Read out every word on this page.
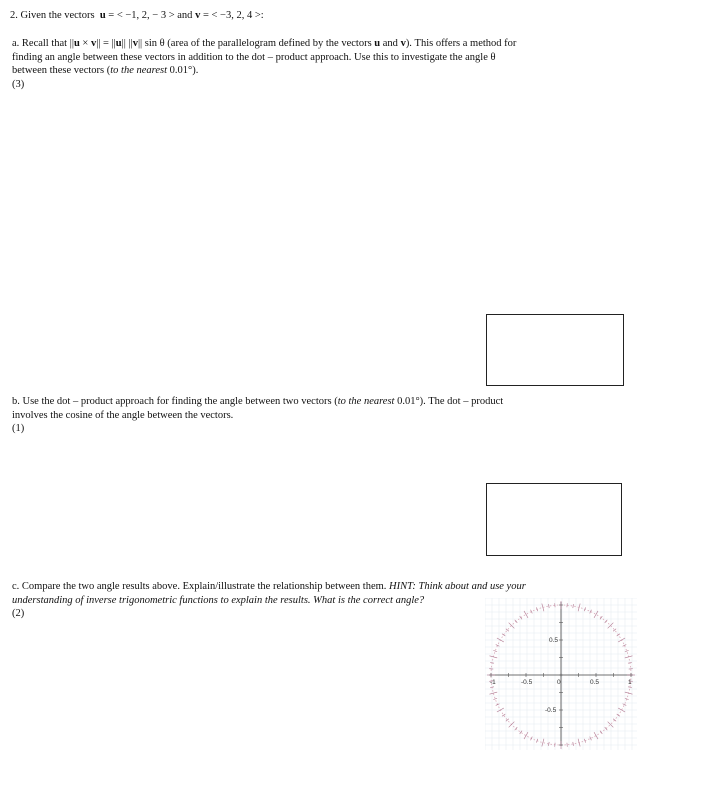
2. Given the vectors u = < −1, 2, − 3 > and v = < −3, 2, 4 >:
a. Recall that ||u × v|| = ||u|| ||v|| sin θ (area of the parallelogram defined by the vectors u and v). This offers a method for
finding an angle between these vectors in addition to the dot – product approach. Use this to investigate the angle θ
between these vectors (to the nearest 0.01°).
(3)
b. Use the dot – product approach for finding the angle between two vectors (to the nearest 0.01°). The dot – product
involves the cosine of the angle between the vectors.
(1)
c. Compare the two angle results above. Explain/illustrate the relationship between them. HINT: Think about and use your
understanding of inverse trigonometric functions to explain the results. What is the correct angle?
(2)
-1	-0.5	0	0.5	1
0.5
-0.5
